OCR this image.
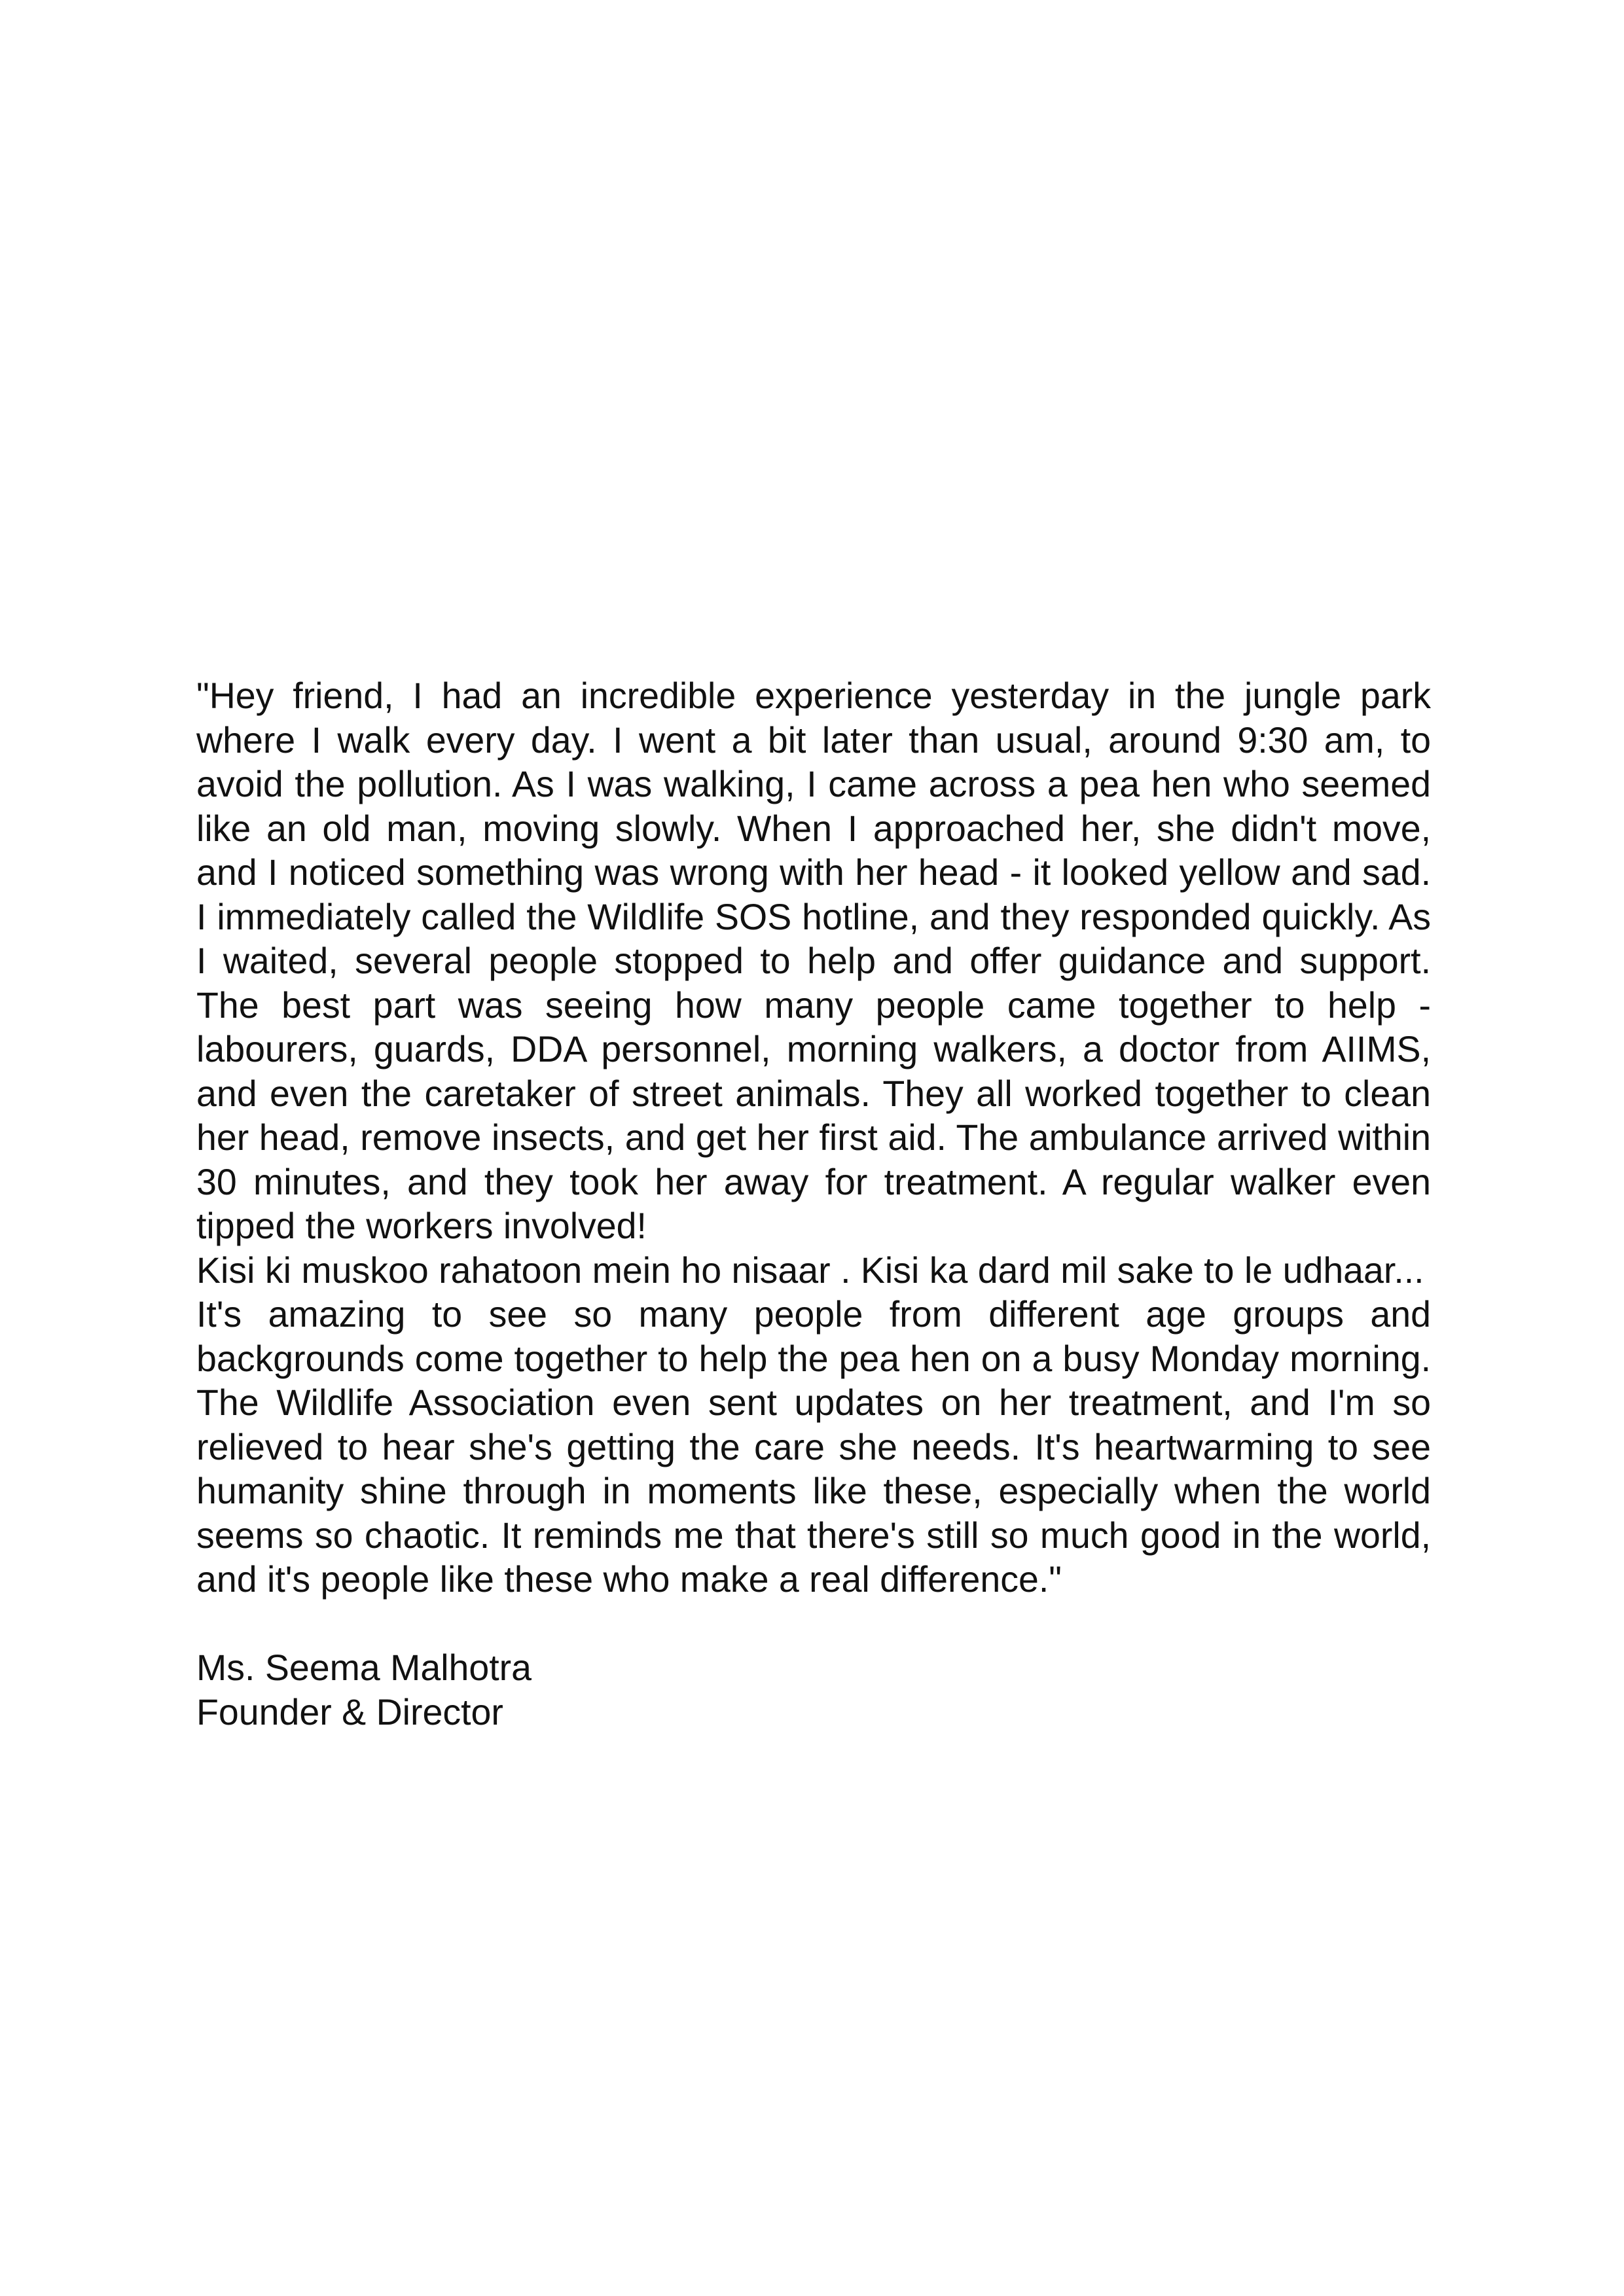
"Hey friend, I had an incredible experience yesterday in the jungle park where I walk every day. I went a bit later than usual, around 9:30 am, to avoid the pollution. As I was walking, I came across a pea hen who seemed like an old man, moving slowly. When I approached her, she didn't move, and I noticed something was wrong with her head - it looked yellow and sad. I immediately called the Wildlife SOS hotline, and they responded quickly. As I waited, several people stopped to help and offer guidance and support. The best part was seeing how many people came together to help - labourers, guards, DDA personnel, morning walkers, a doctor from AIIMS, and even the caretaker of street animals. They all worked together to clean her head, remove insects, and get her first aid. The ambulance arrived within 30 minutes, and they took her away for treatment. A regular walker even tipped the workers involved!

Kisi ki muskoo rahatoon mein ho nisaar . Kisi ka dard mil sake to le udhaar...

It's amazing to see so many people from different age groups and backgrounds come together to help the pea hen on a busy Monday morning. The Wildlife Association even sent updates on her treatment, and I'm so relieved to hear she's getting the care she needs. It's heartwarming to see humanity shine through in moments like these, especially when the world seems so chaotic. It reminds me that there's still so much good in the world, and it's people like these who make a real difference."

Ms. Seema Malhotra
Founder & Director
